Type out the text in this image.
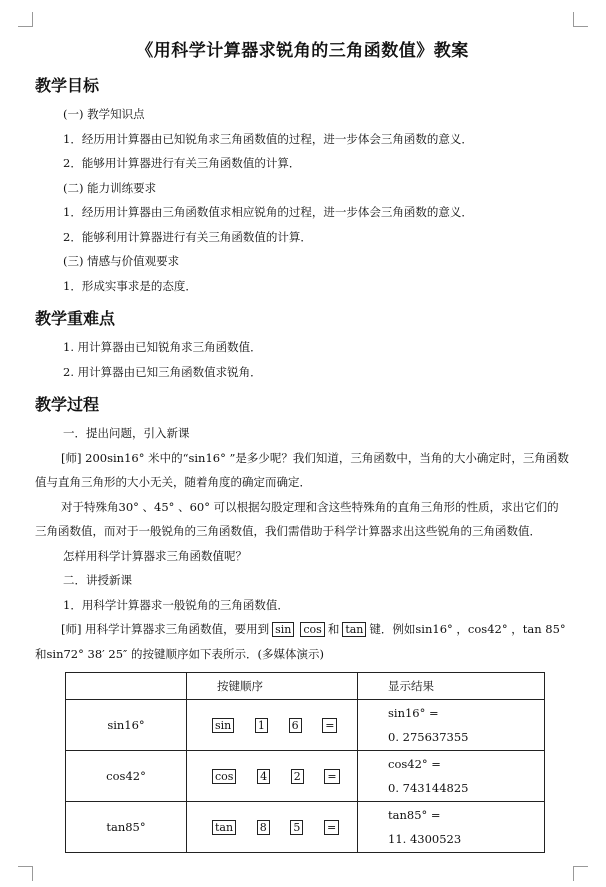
《用科学计算器求锐角的三角函数值》教案
教学目标

(一) 教学知识点

1．经历用计算器由已知锐角求三角函数值的过程，进一步体会三角函数的意义．

2．能够用计算器进行有关三角函数值的计算．

(二) 能力训练要求

1．经历用计算器由三角函数值求相应锐角的过程，进一步体会三角函数的意义．

2．能够利用计算器进行有关三角函数值的计算．

(三) 情感与价值观要求

1．形成实事求是的态度．

教学重难点

1. 用计算器由已知锐角求三角函数值．

2. 用计算器由已知三角函数值求锐角．

教学过程

一．提出问题，引入新课

[师] 200sin16° 米中的“sin16° ”是多少呢？我们知道，三角函数中，当角的大小确定时，三角函数值与直角三角形的大小无关，随着角度的确定而确定．

对于特殊角30° 、45° 、60° 可以根据勾股定理和含这些特殊角的直角三角形的性质，求出它们的三角函数值，而对于一般锐角的三角函数值，我们需借助于科学计算器求出这些锐角的三角函数值．

怎样用科学计算器求三角函数值呢？

二．讲授新课

1．用科学计算器求一般锐角的三角函数值．

[师] 用科学计算器求三角函数值，要用到 sin cos 和 tan 键．例如sin16° ，cos42° ，tan 85° 和sin72° 38′ 25″ 的按键顺序如下表所示．(多媒体演示)

	按键顺序	显示结果
sin16°	sin 1 6 =	sin16° =
0. 275637355

cos42°	cos 4 2 =	cos42° =
0. 743144825

tan85°	tan 8 5 =	tan85° =
11. 4300523
